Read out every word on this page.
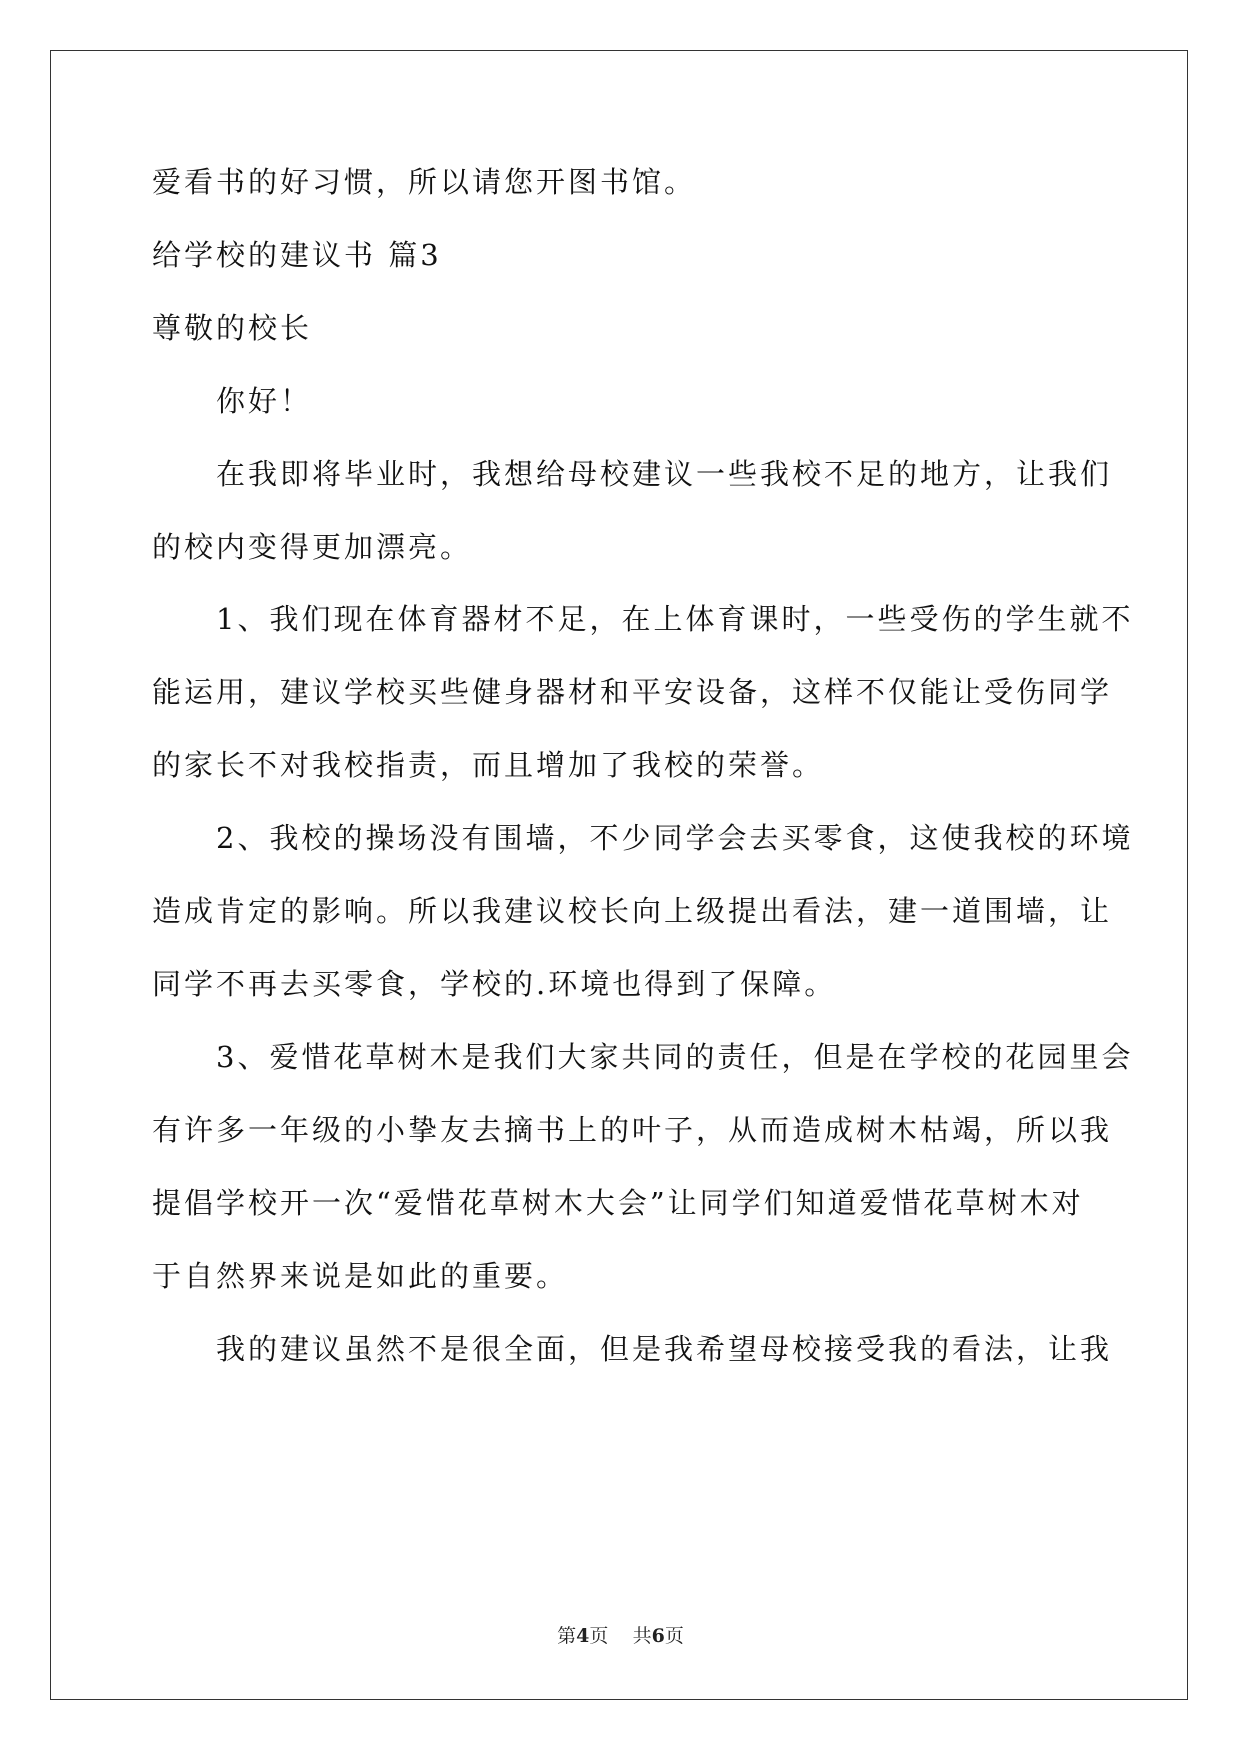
爱看书的好习惯，所以请您开图书馆。

给学校的建议书 篇3

尊敬的校长

你好！

在我即将毕业时，我想给母校建议一些我校不足的地方，让我们

的校内变得更加漂亮。

1、我们现在体育器材不足，在上体育课时，一些受伤的学生就不

能运用，建议学校买些健身器材和平安设备，这样不仅能让受伤同学

的家长不对我校指责，而且增加了我校的荣誉。

2、我校的操场没有围墙，不少同学会去买零食，这使我校的环境

造成肯定的影响。所以我建议校长向上级提出看法，建一道围墙，让

同学不再去买零食，学校的.环境也得到了保障。

3、爱惜花草树木是我们大家共同的责任，但是在学校的花园里会

有许多一年级的小挚友去摘书上的叶子，从而造成树木枯竭，所以我

提倡学校开一次“爱惜花草树木大会”让同学们知道爱惜花草树木对

于自然界来说是如此的重要。

我的建议虽然不是很全面，但是我希望母校接受我的看法，让我

第4页 共6页
